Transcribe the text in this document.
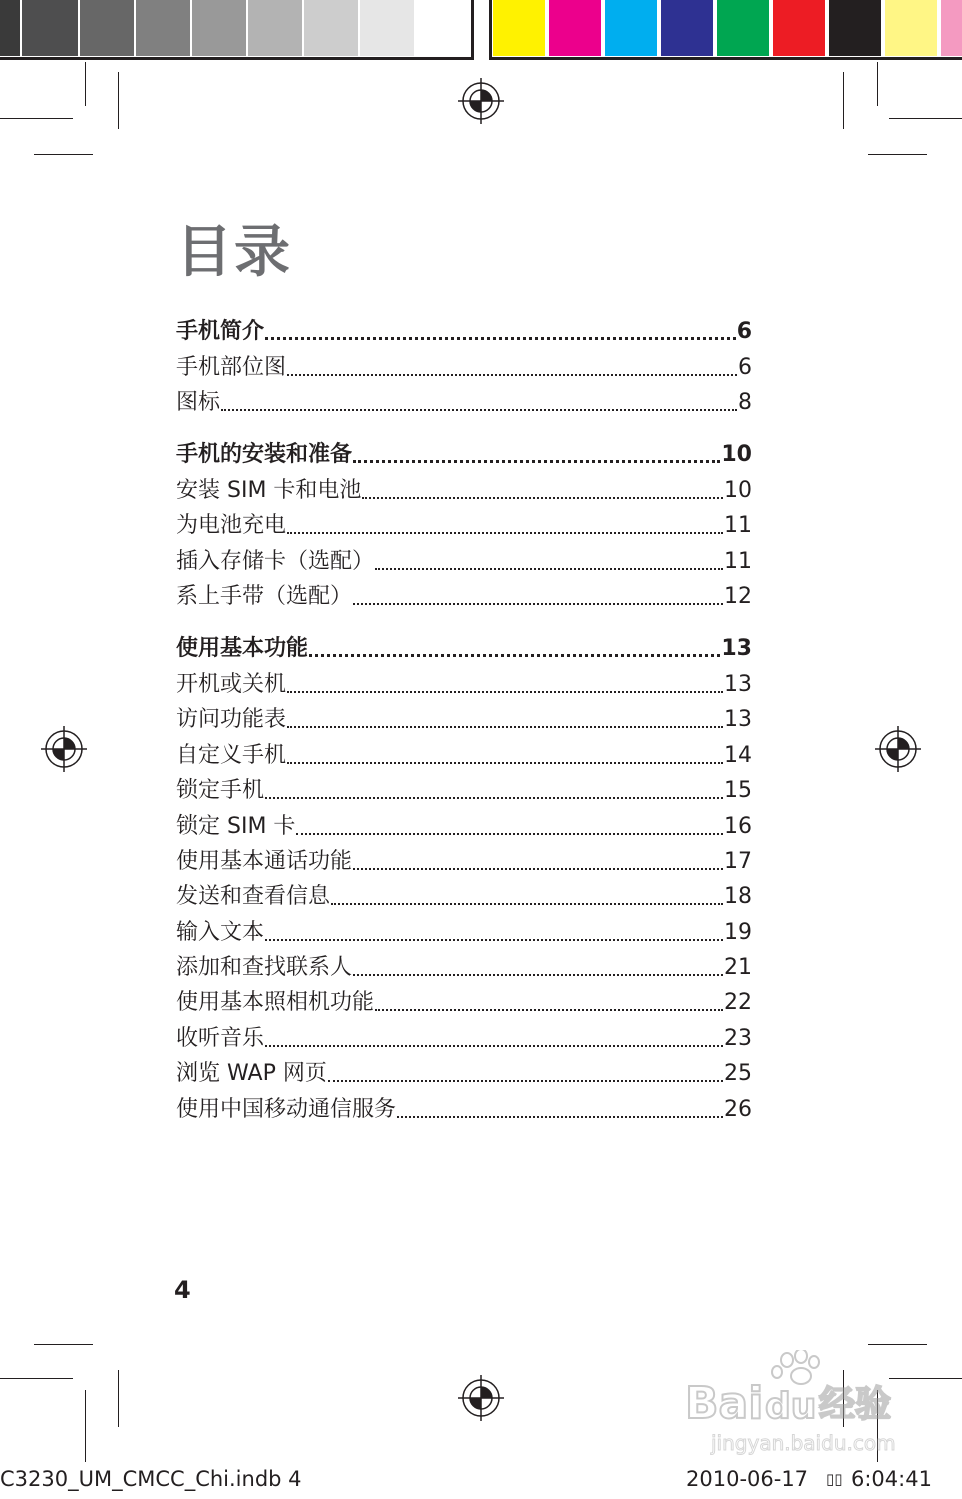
目录
手机简介	6
手机部位图	6
图标	8
手机的安装和准备	10
安装 SIM 卡和电池	10
为电池充电	11
插入存储卡（选配）	11
系上手带（选配）	12
使用基本功能	13
开机或关机	13
访问功能表	13
自定义手机	14
锁定手机	15
锁定 SIM 卡	16
使用基本通话功能	17
发送和查看信息	18
输入文本	19
添加和查找联系人	21
使用基本照相机功能	22
收听音乐	23
浏览 WAP 网页	25
使用中国移动通信服务	26
4
C3230_UM_CMCC_Chi.indb 4	2010-06-17 ▯▯ 6:04:41
Bai du 经验
jingyan.baidu.com
